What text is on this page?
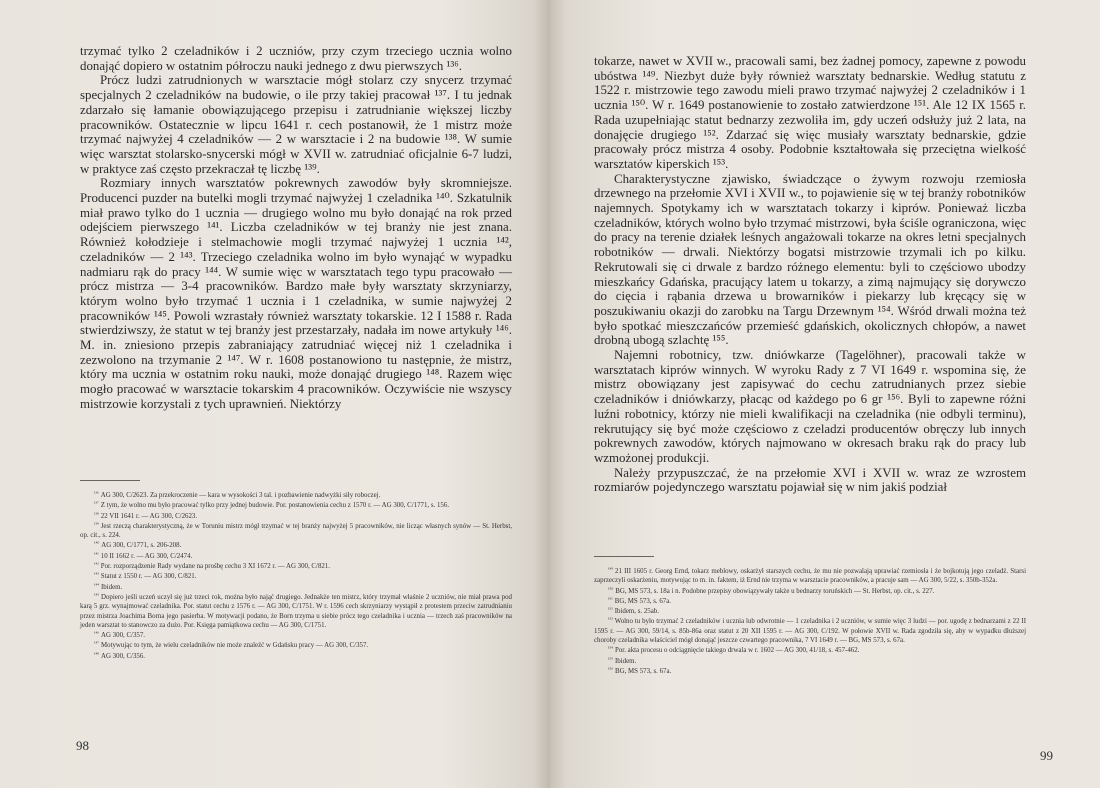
trzymać tylko 2 czeladników i 2 uczniów, przy czym trzeciego ucznia wolno donająć dopiero w ostatnim półroczu nauki jednego z dwu pierwszych ¹³⁶.

Prócz ludzi zatrudnionych w warsztacie mógł stolarz czy snycerz trzymać specjalnych 2 czeladników na budowie, o ile przy takiej pracował ¹³⁷. I tu jednak zdarzało się łamanie obowiązującego przepisu i zatrudnianie większej liczby pracowników. Ostatecznie w lipcu 1641 r. cech postanowił, że 1 mistrz może trzymać najwyżej 4 czeladników — 2 w warsztacie i 2 na budowie ¹³⁸. W sumie więc warsztat stolarsko-snycerski mógł w XVII w. zatrudniać oficjalnie 6-7 ludzi, w praktyce zaś często przekraczał tę liczbę ¹³⁹.

Rozmiary innych warsztatów pokrewnych zawodów były skromniejsze. Producenci puzder na butelki mogli trzymać najwyżej 1 czeladnika ¹⁴⁰. Szkatulnik miał prawo tylko do 1 ucznia — drugiego wolno mu było donająć na rok przed odejściem pierwszego ¹⁴¹. Liczba czeladników w tej branży nie jest znana. Również kołodzieje i stelmachowie mogli trzymać najwyżej 1 ucznia ¹⁴², czeladników — 2 ¹⁴³. Trzeciego czeladnika wolno im było wynająć w wypadku nadmiaru rąk do pracy ¹⁴⁴. W sumie więc w warsztatach tego typu pracowało — prócz mistrza — 3-4 pracowników. Bardzo małe były warsztaty skrzyniarzy, którym wolno było trzymać 1 ucznia i 1 czeladnika, w sumie najwyżej 2 pracowników ¹⁴⁵. Powoli wzrastały również warsztaty tokarskie. 12 I 1588 r. Rada stwierdziwszy, że statut w tej branży jest przestarzały, nadała im nowe artykuły ¹⁴⁶. M. in. zniesiono przepis zabraniający zatrudniać więcej niż 1 czeladnika i zezwolono na trzymanie 2 ¹⁴⁷. W r. 1608 postanowiono tu następnie, że mistrz, który ma ucznia w ostatnim roku nauki, może donająć drugiego ¹⁴⁸. Razem więc mogło pracować w warsztacie tokarskim 4 pracowników. Oczywiście nie wszyscy mistrzowie korzystali z tych uprawnień. Niektórzy

$^{^{136}}$ AG 300, C/2623. Za przekroczenie — kara w wysokości 3 tal. i pozbawienie nadwyżki siły roboczej.

$^{^{137}}$ Z tym, że wolno mu było pracować tylko przy jednej budowie. Por. postanowienia cechu z 1570 r. — AG 300, C/1771, s. 156.

$^{^{138}}$ 22 VII 1641 r. — AG 300, C/2623.

$^{^{139}}$ Jest rzeczą charakterystyczną, że w Toruniu mistrz mógł trzymać w tej branży najwyżej 5 pracowników, nie licząc własnych synów — St. Herbst, op. cit., s. 224.

$^{^{140}}$ AG 300, C/1771, s. 206-208.

$^{^{141}}$ 10 II 1662 r. — AG 300, C/2474.

$^{^{142}}$ Por. rozporządzenie Rady wydane na prośbę cechu 3 XI 1672 r. — AG 300, C/821.

$^{^{143}}$ Statut z 1550 r. — AG 300, C/821.

$^{^{144}}$ Ibidem.

$^{^{145}}$ Dopiero jeśli uczeń uczył się już trzeci rok, można było nająć drugiego. Jednakże ten mistrz, który trzymał właśnie 2 uczniów, nie miał prawa pod karą 5 grz. wynajmować czeladnika. Por. statut cechu z 1576 r. — AG 300, C/1751. W r. 1596 cech skrzyniarzy wystąpił z protestem przeciw zatrudnianiu przez mistrza Joachima Borna jego pasierba. W motywacji podano, że Born trzyma u siebie prócz tego czeladnika i ucznia — trzech zaś pracowników na jeden warsztat to stanowczo za dużo. Por. Księga pamiątkowa cechu — AG 300, C/1751.

$^{^{146}}$ AG 300, C/357.

$^{^{147}}$ Motywując to tym, że wielu czeladników nie może znaleźć w Gdańsku pracy — AG 300, C/357.

$^{^{148}}$ AG 300, C/356.

98

tokarze, nawet w XVII w., pracowali sami, bez żadnej pomocy, zapewne z powodu ubóstwa ¹⁴⁹. Niezbyt duże były również warsztaty bednarskie. Według statutu z 1522 r. mistrzowie tego zawodu mieli prawo trzymać najwyżej 2 czeladników i 1 ucznia ¹⁵⁰. W r. 1649 postanowienie to zostało zatwierdzone ¹⁵¹. Ale 12 IX 1565 r. Rada uzupełniając statut bednarzy zezwoliła im, gdy uczeń odsłuży już 2 lata, na donajęcie drugiego ¹⁵². Zdarzać się więc musiały warsztaty bednarskie, gdzie pracowały prócz mistrza 4 osoby. Podobnie kształtowała się przeciętna wielkość warsztatów kiperskich ¹⁵³.

Charakterystyczne zjawisko, świadczące o żywym rozwoju rzemiosła drzewnego na przełomie XVI i XVII w., to pojawienie się w tej branży robotników najemnych. Spotykamy ich w warsztatach tokarzy i kiprów. Ponieważ liczba czeladników, których wolno było trzymać mistrzowi, była ściśle ograniczona, więc do pracy na terenie działek leśnych angażowali tokarze na okres letni specjalnych robotników — drwali. Niektórzy bogatsi mistrzowie trzymali ich po kilku. Rekrutowali się ci drwale z bardzo różnego elementu: byli to częściowo ubodzy mieszkańcy Gdańska, pracujący latem u tokarzy, a zimą najmujący się dorywczo do cięcia i rąbania drzewa u browarników i piekarzy lub kręcący się w poszukiwaniu okazji do zarobku na Targu Drzewnym ¹⁵⁴. Wśród drwali można też było spotkać mieszczańców przemieść gdańskich, okolicznych chłopów, a nawet drobną ubogą szlachtę ¹⁵⁵.

Najemni robotnicy, tzw. dniówkarze (Tagelöhner), pracowali także w warsztatach kiprów winnych. W wyroku Rady z 7 VI 1649 r. wspomina się, że mistrz obowiązany jest zapisywać do cechu zatrudnianych przez siebie czeladników i dniówkarzy, płacąc od każdego po 6 gr ¹⁵⁶. Byli to zapewne różni luźni robotnicy, którzy nie mieli kwalifikacji na czeladnika (nie odbyli terminu), rekrutujący się być może częściowo z czeladzi producentów obręczy lub innych pokrewnych zawodów, których najmowano w okresach braku rąk do pracy lub wzmożonej produkcji.

Należy przypuszczać, że na przełomie XVI i XVII w. wraz ze wzrostem rozmiarów pojedynczego warsztatu pojawiał się w nim jakiś podział

$^{^{149}}$ 21 III 1605 r. Georg Ernd, tokarz meblowy, oskarżył starszych cechu, że mu nie pozwalają uprawiać rzemiosła i że bojkotują jego czeladź. Starsi zaprzeczyli oskarżeniu, motywując to m. in. faktem, iż Ernd nie trzyma w warsztacie pracowników, a pracuje sam — AG 300, 5/22, s. 350b-352a.

$^{^{150}}$ BG, MS 573, s. 18a i n. Podobne przepisy obowiązywały także u bednarzy toruńskich — St. Herbst, op. cit., s. 227.

$^{^{151}}$ BG, MS 573, s. 67a.

$^{^{152}}$ Ibidem, s. 25ab.

$^{^{153}}$ Wolno tu było trzymać 2 czeladników i ucznia lub odwrotnie — 1 czeladnika i 2 uczniów, w sumie więc 3 ludzi — por. ugodę z bednarzami z 22 II 1595 r. — AG 300, 59/14, s. 85b-86a oraz statut z 20 XII 1595 r. — AG 300, C/192. W połowie XVII w. Rada zgodziła się, aby w wypadku dłuższej choroby czeladnika właściciel mógł donająć jeszcze czwartego pracownika, 7 VI 1649 r. — BG, MS 573, s. 67a.

$^{^{154}}$ Por. akta procesu o odciągnięcie takiego drwala w r. 1602 — AG 300, 41/18, s. 457-462.

$^{^{155}}$ Ibidem.

$^{^{156}}$ BG, MS 573, s. 67a.

99
